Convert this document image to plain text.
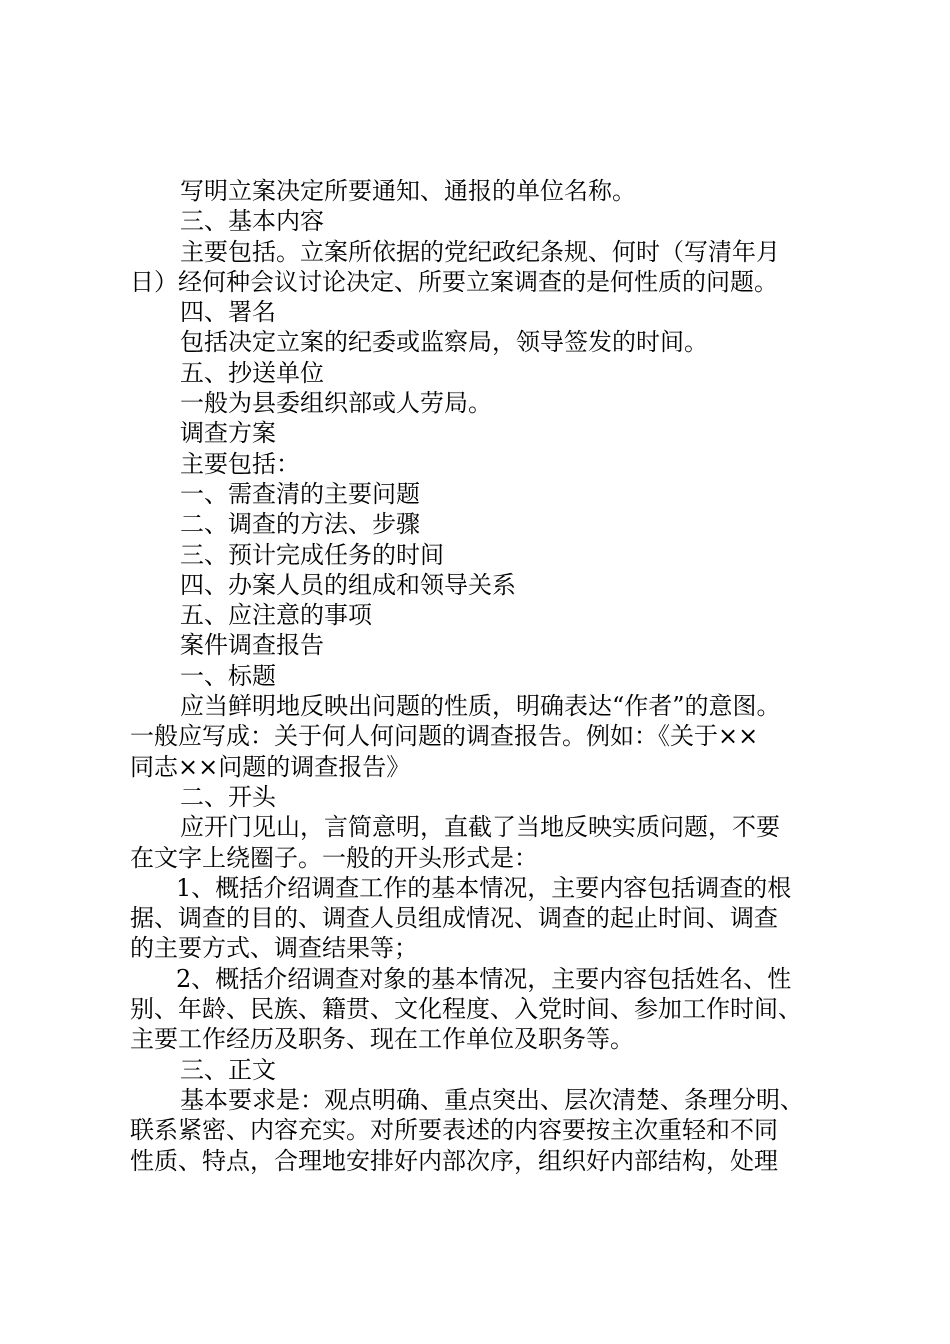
写明立案决定所要通知、通报的单位名称。
三、基本内容
主要包括。立案所依据的党纪政纪条规、何时（写清年月
日）经何种会议讨论决定、所要立案调查的是何性质的问题。
四、署名
包括决定立案的纪委或监察局，领导签发的时间。
五、抄送单位
一般为县委组织部或人劳局。
调查方案
主要包括：
一、需查清的主要问题
二、调查的方法、步骤
三、预计完成任务的时间
四、办案人员的组成和领导关系
五、应注意的事项
案件调查报告
一、标题
应当鲜明地反映出问题的性质，明确表达“作者”的意图。
一般应写成：关于何人何问题的调查报告。例如：《关于××
同志××问题的调查报告》
二、开头
应开门见山，言简意明，直截了当地反映实质问题，不要
在文字上绕圈子。一般的开头形式是：
1、概括介绍调查工作的基本情况，主要内容包括调查的根
据、调查的目的、调查人员组成情况、调查的起止时间、调查
的主要方式、调查结果等；
2、概括介绍调查对象的基本情况，主要内容包括姓名、性
别、年龄、民族、籍贯、文化程度、入党时间、参加工作时间、
主要工作经历及职务、现在工作单位及职务等。
三、正文
基本要求是：观点明确、重点突出、层次清楚、条理分明、
联系紧密、内容充实。对所要表述的内容要按主次重轻和不同
性质、特点，合理地安排好内部次序，组织好内部结构，处理
